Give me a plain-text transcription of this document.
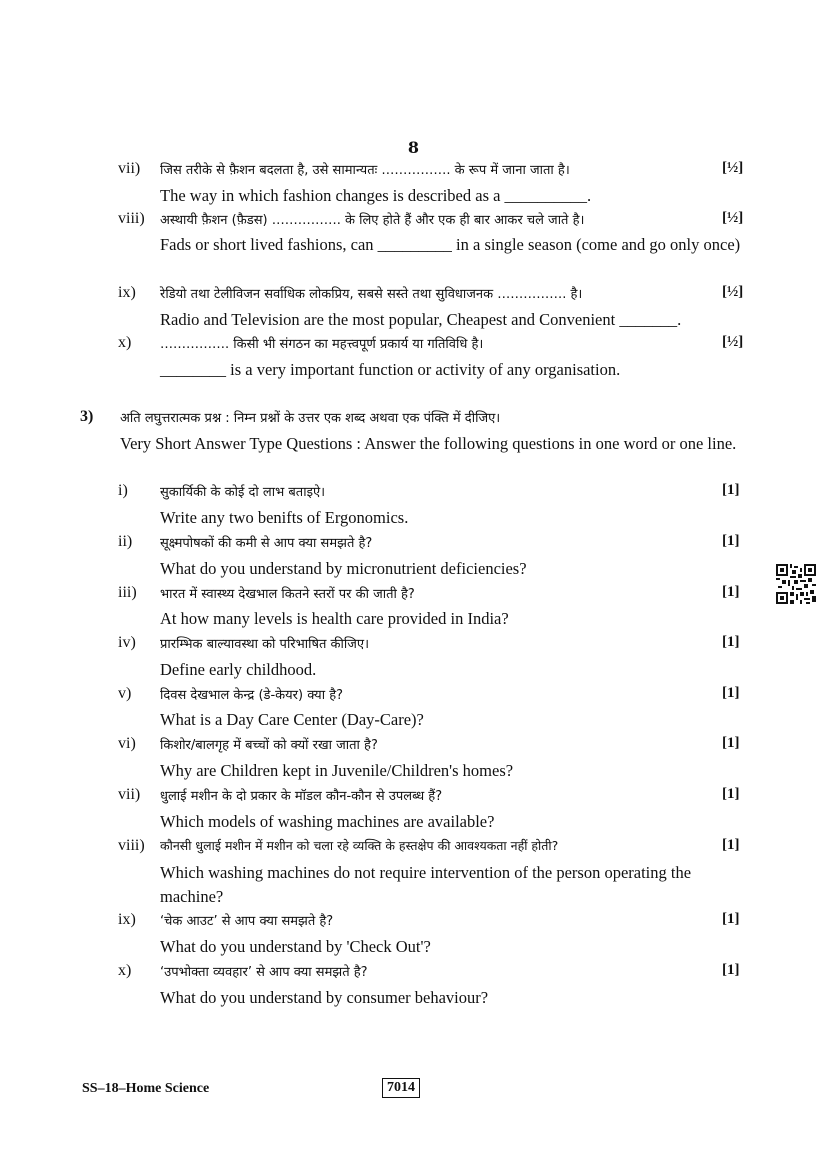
8
vii) जिस तरीके से फ़ैशन बदलता है, उसे सामान्यतः ……………. के रूप में जाना जाता है।	[½]
The way in which fashion changes is described as a __________.
viii) अस्थायी फ़ैशन (फ़ैडस) ……………. के लिए होते हैं और एक ही बार आकर चले जाते है।	[½]
Fads or short lived fashions, can _________ in a single season (come and go only once)
ix) रेडियो तथा टेलीविजन सर्वाधिक लोकप्रिय, सबसे सस्ते तथा सुविधाजनक ……………. है।	[½]
Radio and Television are the most popular, Cheapest and Convenient _______.
x) ……………. किसी भी संगठन का महत्त्वपूर्ण प्रकार्य या गतिविधि है।	[½]
________ is a very important function or activity of any organisation.
3) अति लघुत्तरात्मक प्रश्न : निम्न प्रश्नों के उत्तर एक शब्द अथवा एक पंक्ति में दीजिए।
Very Short Answer Type Questions : Answer the following questions in one word or one line.
i) सुकार्यिकी के कोई दो लाभ बताइऐ।	[1]
Write any two benifts of Ergonomics.
ii) सूक्ष्मपोषकों की कमी से आप क्या समझते है?	[1]
What do you understand by micronutrient deficiencies?
iii) भारत में स्वास्थ्य देखभाल कितने स्तरों पर की जाती है?	[1]
At how many levels is health care provided in India?
iv) प्रारम्भिक बाल्यावस्था को परिभाषित कीजिए।	[1]
Define early childhood.
v) दिवस देखभाल केन्द्र (डे-केयर) क्या है?	[1]
What is a Day Care Center (Day-Care)?
vi) किशोर/बालगृह में बच्चों को क्यों रखा जाता है?	[1]
Why are Children kept in Juvenile/Children's homes?
vii) धुलाई मशीन के दो प्रकार के मॉडल कौन-कौन से उपलब्ध हैं?	[1]
Which models of washing machines are available?
viii) कौनसी धुलाई मशीन में मशीन को चला रहे व्यक्ति के हस्तक्षेप की आवश्यकता नहीं होती?	[1]
Which washing machines do not require intervention of the person operating the machine?
ix) ‘चेक आउट’ से आप क्या समझते है?	[1]
What do you understand by 'Check Out'?
x) ‘उपभोक्ता व्यवहार’ से आप क्या समझते है?	[1]
What do you understand by consumer behaviour?
SS–18–Home Science	7014
